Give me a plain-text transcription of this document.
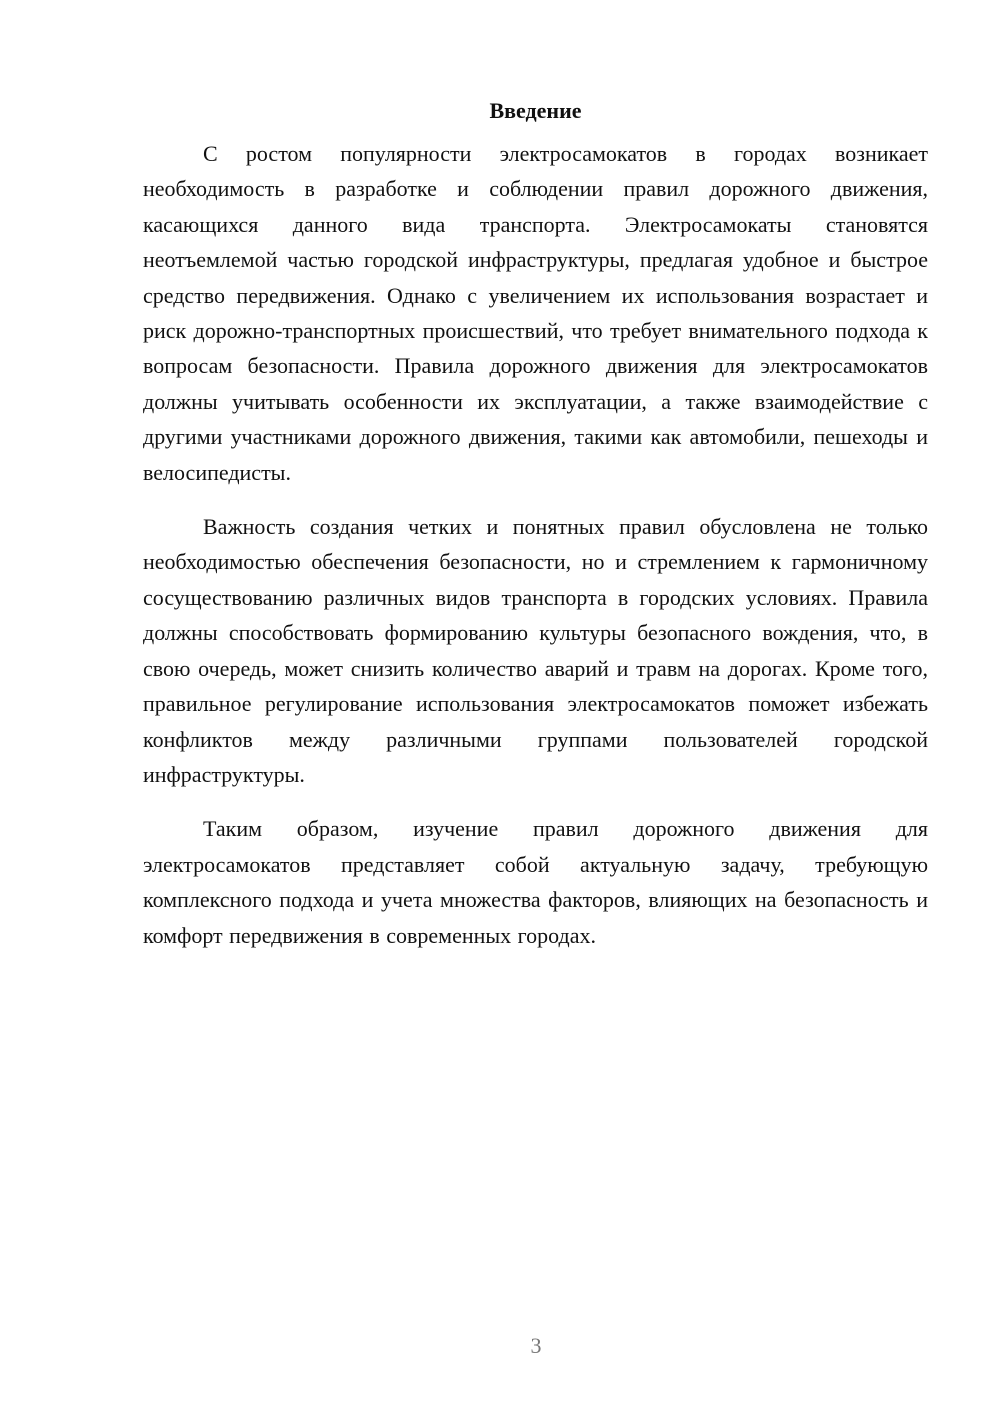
Введение

С ростом популярности электросамокатов в городах возникает необходимость в разработке и соблюдении правил дорожного движения, касающихся данного вида транспорта. Электросамокаты становятся неотъемлемой частью городской инфраструктуры, предлагая удобное и быстрое средство передвижения. Однако с увеличением их использования возрастает и риск дорожно-транспортных происшествий, что требует внимательного подхода к вопросам безопасности. Правила дорожного движения для электросамокатов должны учитывать особенности их эксплуатации, а также взаимодействие с другими участниками дорожного движения, такими как автомобили, пешеходы и велосипедисты.

Важность создания четких и понятных правил обусловлена не только необходимостью обеспечения безопасности, но и стремлением к гармоничному сосуществованию различных видов транспорта в городских условиях. Правила должны способствовать формированию культуры безопасного вождения, что, в свою очередь, может снизить количество аварий и травм на дорогах. Кроме того, правильное регулирование использования электросамокатов поможет избежать конфликтов между различными группами пользователей городской инфраструктуры.

Таким образом, изучение правил дорожного движения для электросамокатов представляет собой актуальную задачу, требующую комплексного подхода и учета множества факторов, влияющих на безопасность и комфорт передвижения в современных городах.

3
